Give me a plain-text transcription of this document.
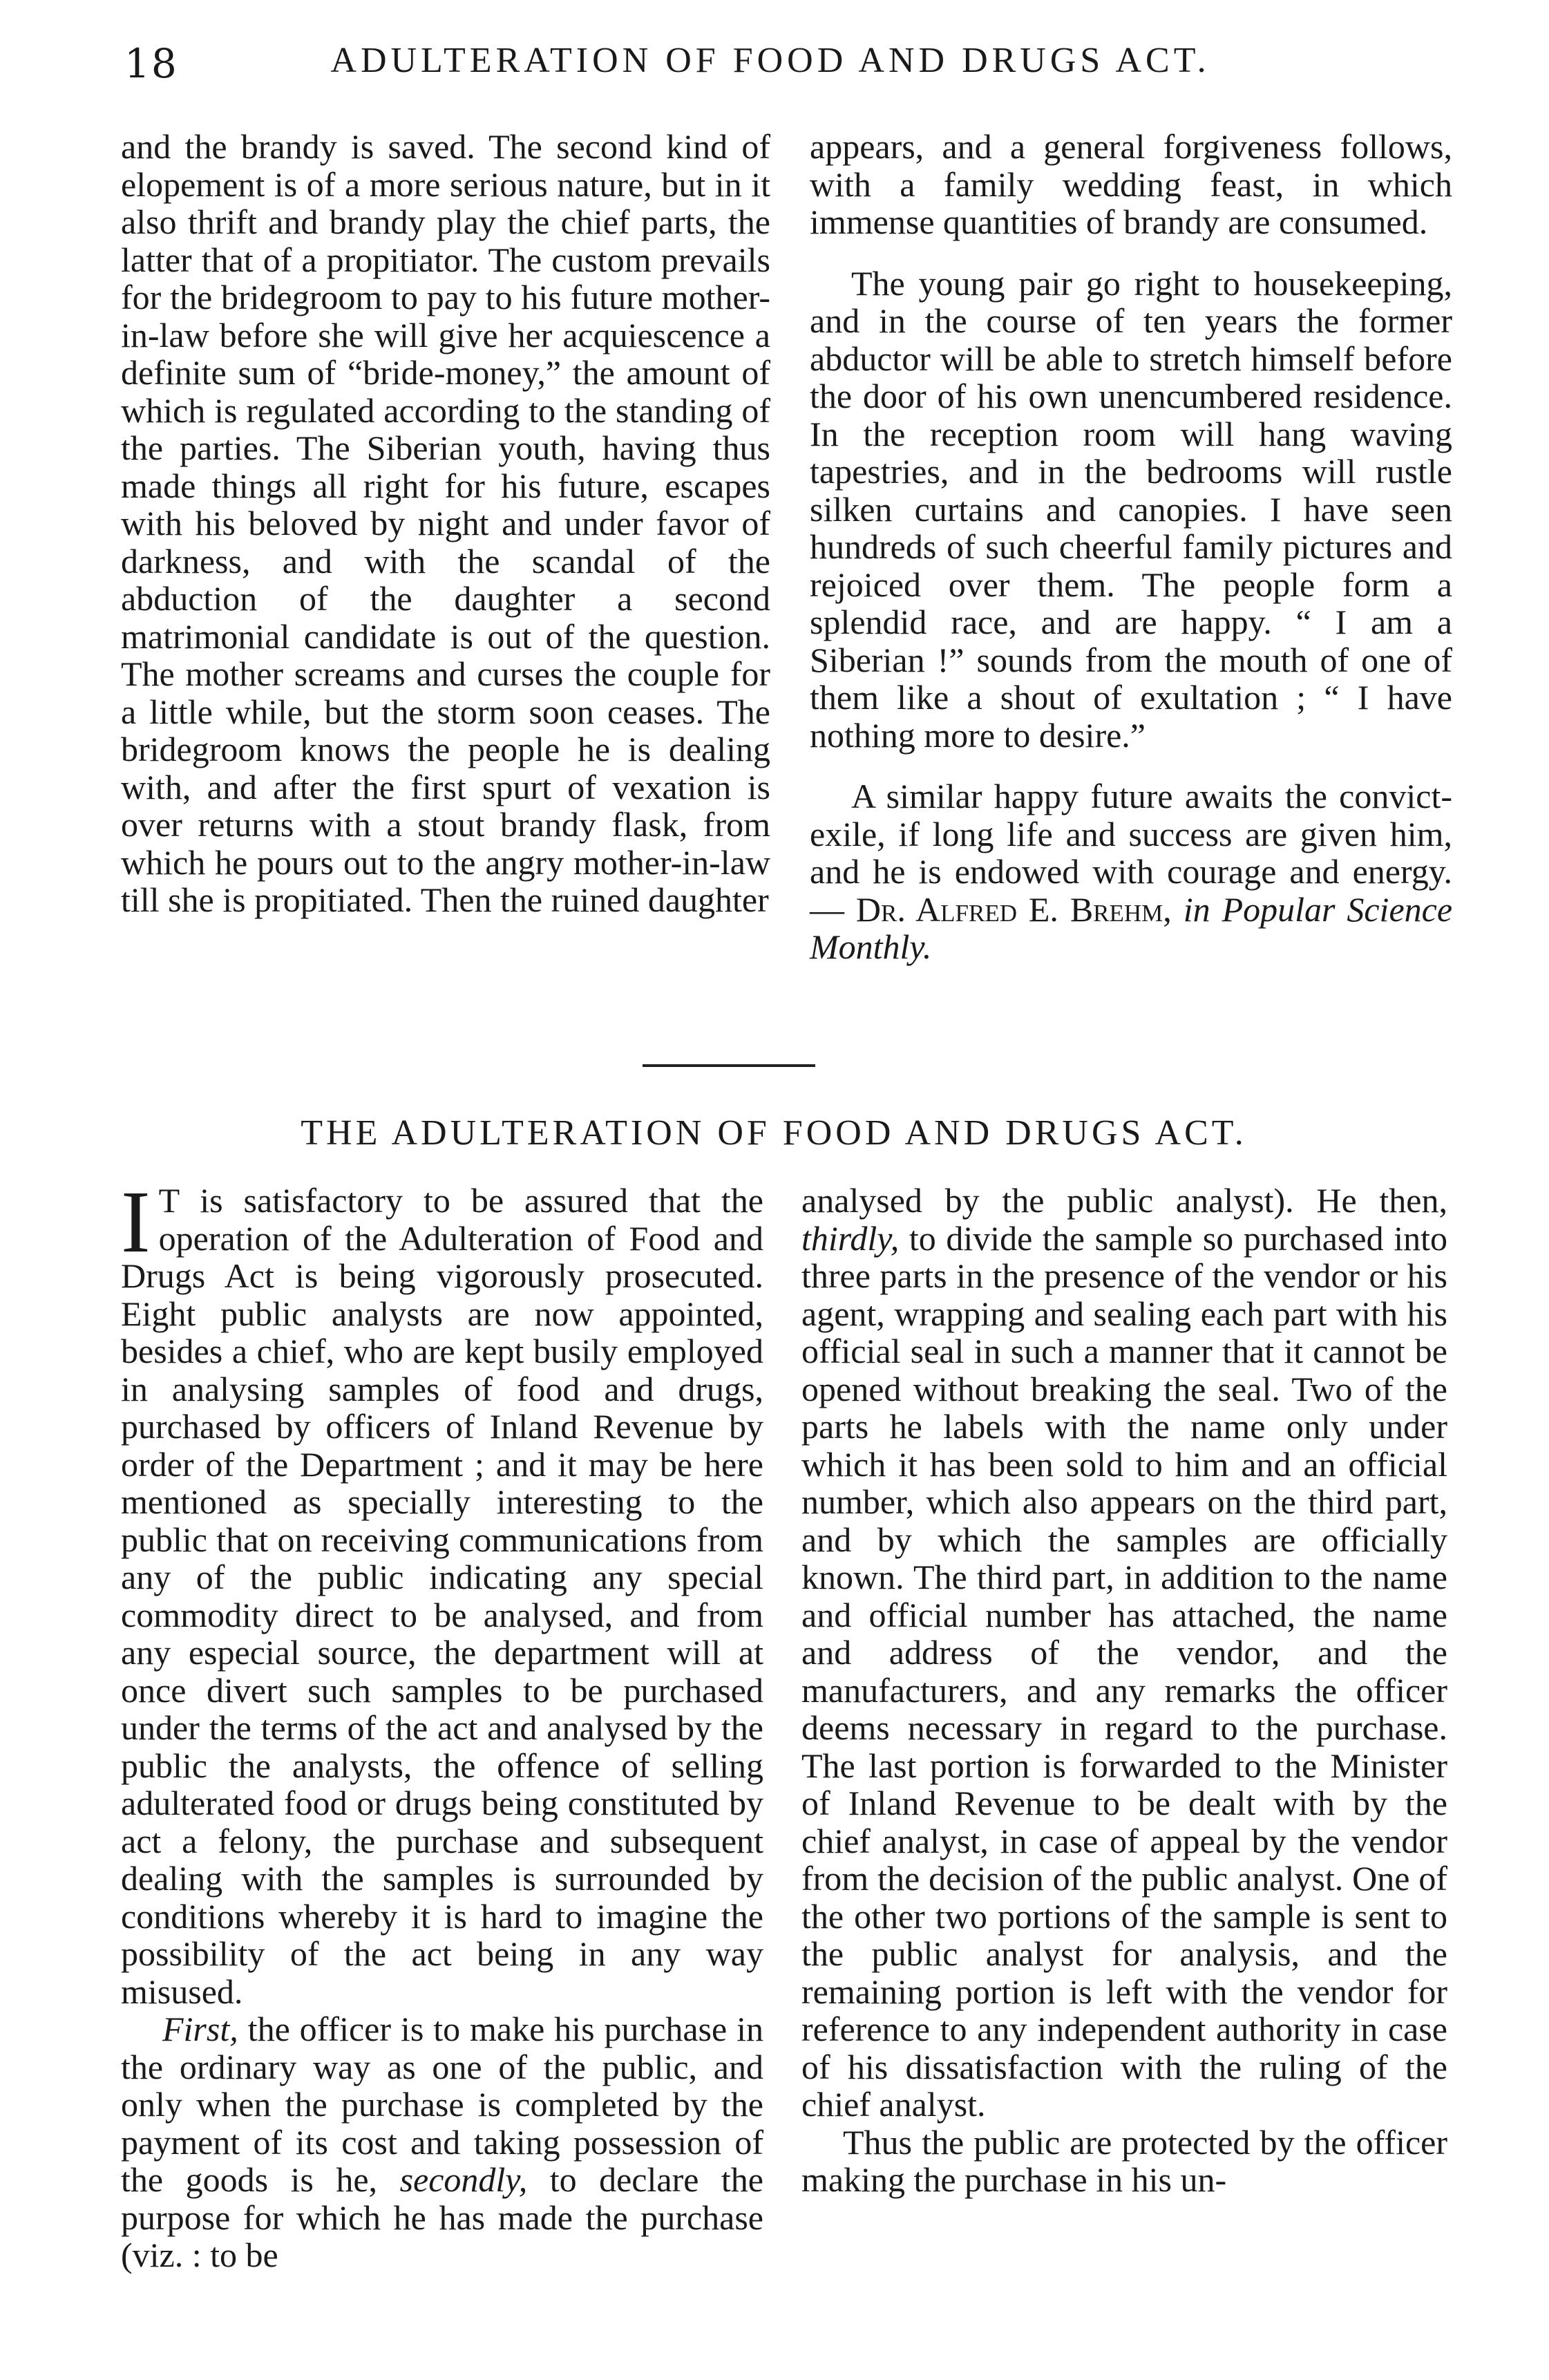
18	ADULTERATION OF FOOD AND DRUGS ACT.

and the brandy is saved. The second kind of elopement is of a more serious nature, but in it also thrift and brandy play the chief parts, the latter that of a propitiator. The custom prevails for the bridegroom to pay to his future mother-in-law before she will give her acquiescence a definite sum of “bride-money,” the amount of which is regulated according to the standing of the parties. The Siberian youth, having thus made things all right for his future, escapes with his beloved by night and under favor of darkness, and with the scandal of the abduction of the daughter a second matrimonial candidate is out of the question. The mother screams and curses the couple for a little while, but the storm soon ceases. The bridegroom knows the people he is dealing with, and after the first spurt of vexation is over returns with a stout brandy flask, from which he pours out to the angry mother-in-law till she is propitiated. Then the ruined daughter

appears, and a general forgiveness follows, with a family wedding feast, in which immense quantities of brandy are consumed.

The young pair go right to housekeeping, and in the course of ten years the former abductor will be able to stretch himself before the door of his own unencumbered residence. In the reception room will hang waving tapestries, and in the bedrooms will rustle silken curtains and canopies. I have seen hundreds of such cheerful family pictures and rejoiced over them. The people form a splendid race, and are happy. “ I am a Siberian !” sounds from the mouth of one of them like a shout of exultation ; “ I have nothing more to desire.”

A similar happy future awaits the convict-exile, if long life and success are given him, and he is endowed with courage and energy. — Dr. Alfred E. Brehm, in Popular Science Monthly.

THE ADULTERATION OF FOOD AND DRUGS ACT.

I T is satisfactory to be assured that the operation of the Adulteration of Food and Drugs Act is being vigorously prosecuted. Eight public analysts are now appointed, besides a chief, who are kept busily employed in analysing samples of food and drugs, purchased by officers of Inland Revenue by order of the Department ; and it may be here mentioned as specially interesting to the public that on receiving communications from any of the public indicating any special commodity direct to be analysed, and from any especial source, the department will at once divert such samples to be purchased under the terms of the act and analysed by the public the analysts, the offence of selling adulterated food or drugs being constituted by act a felony, the purchase and subsequent dealing with the samples is surrounded by conditions whereby it is hard to imagine the possibility of the act being in any way misused.

First, the officer is to make his purchase in the ordinary way as one of the public, and only when the purchase is completed by the payment of its cost and taking possession of the goods is he, secondly, to declare the purpose for which he has made the purchase (viz. : to be

analysed by the public analyst). He then, thirdly, to divide the sample so purchased into three parts in the presence of the vendor or his agent, wrapping and sealing each part with his official seal in such a manner that it cannot be opened without breaking the seal. Two of the parts he labels with the name only under which it has been sold to him and an official number, which also appears on the third part, and by which the samples are officially known. The third part, in addition to the name and official number has attached, the name and address of the vendor, and the manufacturers, and any remarks the officer deems necessary in regard to the purchase. The last portion is forwarded to the Minister of Inland Revenue to be dealt with by the chief analyst, in case of appeal by the vendor from the decision of the public analyst. One of the other two portions of the sample is sent to the public analyst for analysis, and the remaining portion is left with the vendor for reference to any independent authority in case of his dissatisfaction with the ruling of the chief analyst.

Thus the public are protected by the officer making the purchase in his un-
